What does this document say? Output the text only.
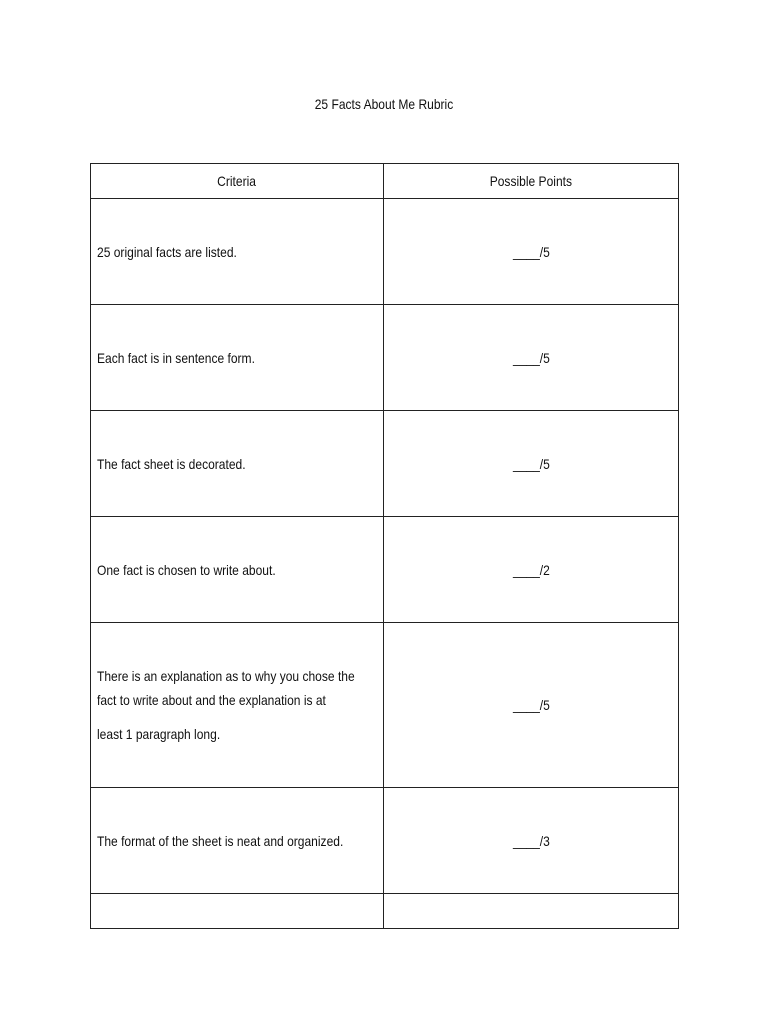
25 Facts About Me Rubric
Criteria	Possible Points
25 original facts are listed.	____/5
Each fact is in sentence form.	____/5
The fact sheet is decorated.	____/5
One fact is chosen to write about.	____/2

There is an explanation as to why you chose the
fact to write about and the explanation is at
least 1 paragraph long.	____/5
The format of the sheet is neat and organized.	____/3
